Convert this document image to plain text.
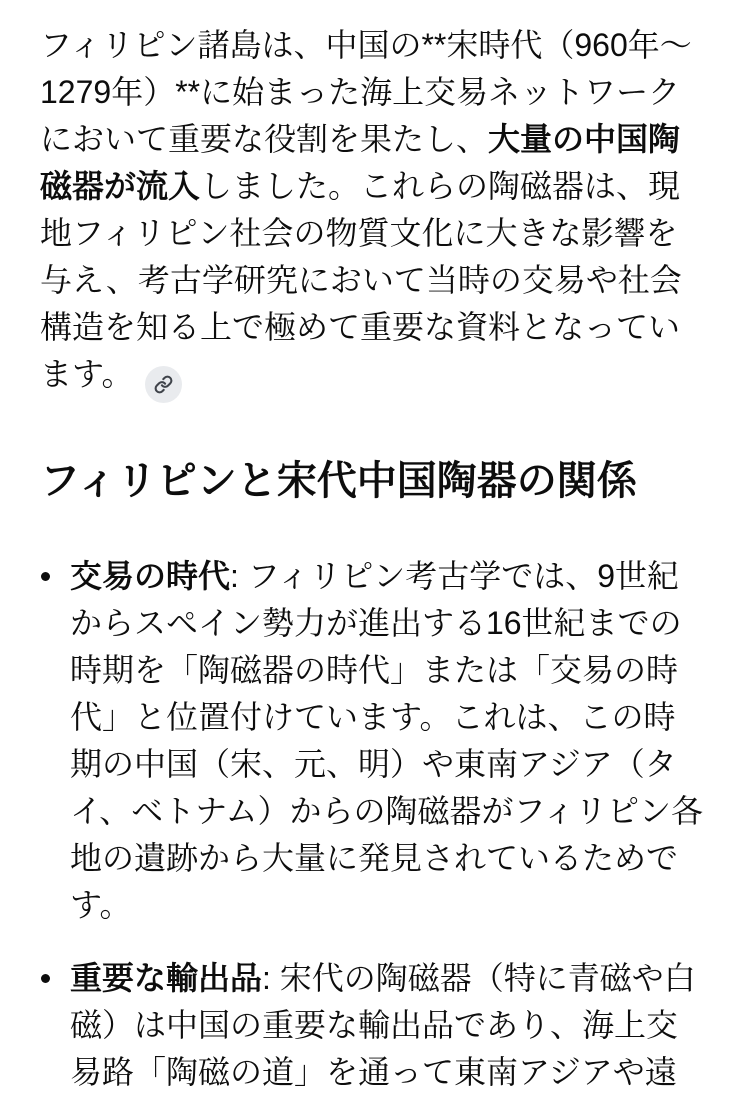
フィリピン諸島は、中国の**宋時代（960年〜1279年）**に始まった海上交易ネットワークにおいて重要な役割を果たし、大量の中国陶磁器が流入しました。これらの陶磁器は、現地フィリピン社会の物質文化に大きな影響を与え、考古学研究において当時の交易や社会構造を知る上で極めて重要な資料となっています。

フィリピンと宋代中国陶器の関係
交易の時代: フィリピン考古学では、9世紀からスペイン勢力が進出する16世紀までの時期を「陶磁器の時代」または「交易の時代」と位置付けています。これは、この時期の中国（宋、元、明）や東南アジア（タイ、ベトナム）からの陶磁器がフィリピン各地の遺跡から大量に発見されているためです。
重要な輸出品: 宋代の陶磁器（特に青磁や白磁）は中国の重要な輸出品であり、海上交易路「陶磁の道」を通って東南アジアや遠
